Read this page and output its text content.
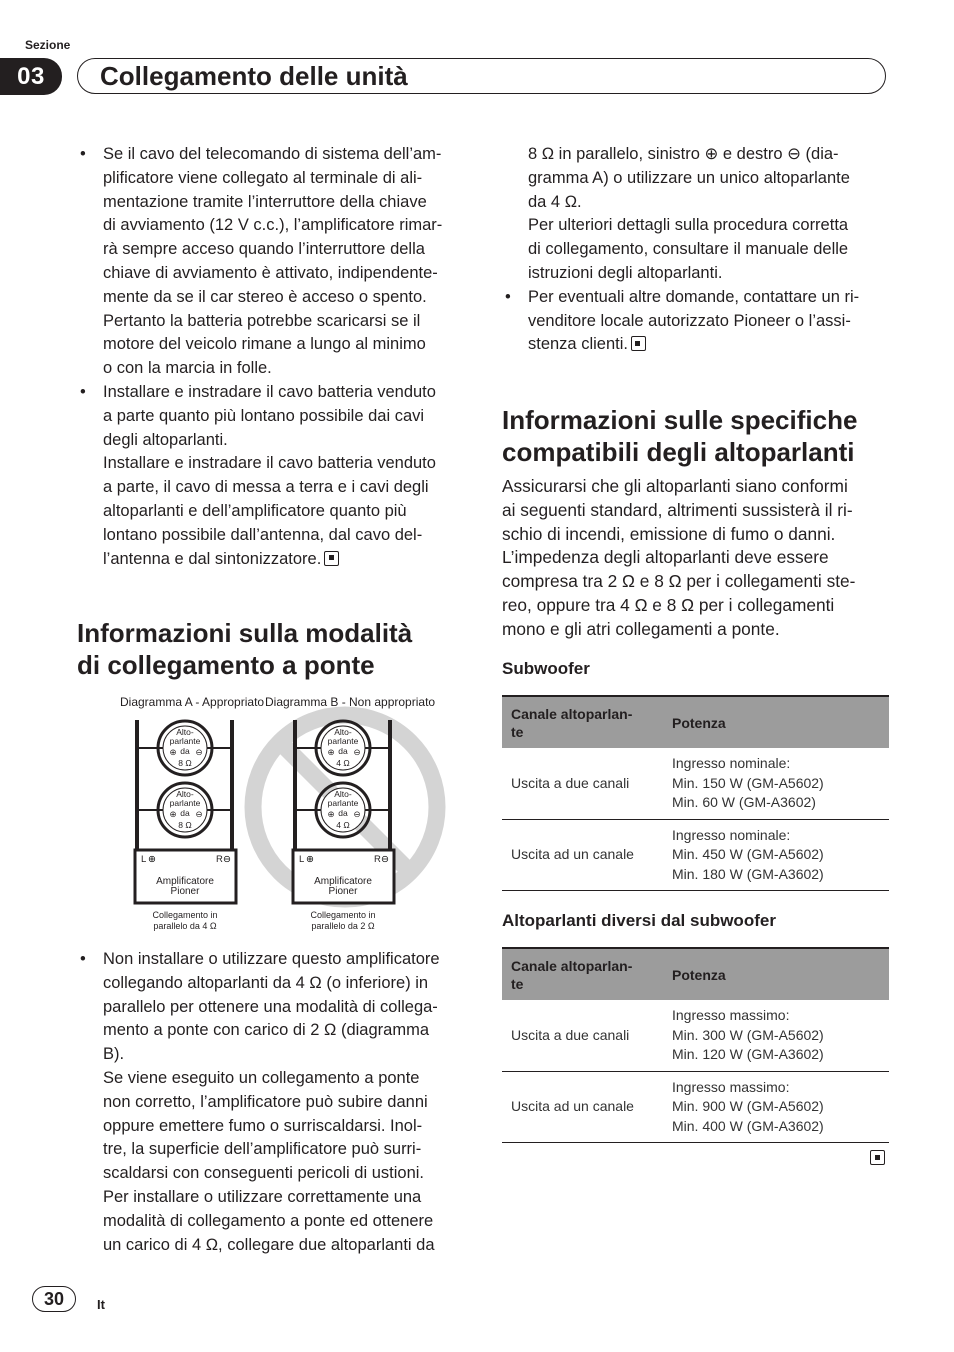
Sezione
03	Collegamento delle unità
• Se il cavo del telecomando di sistema dell’am-
plificatore viene collegato al terminale di ali-
mentazione tramite l’interruttore della chiave
di avviamento (12 V c.c.), l’amplificatore rimar-
rà sempre acceso quando l’interruttore della
chiave di avviamento è attivato, indipendente-
mente da se il car stereo è acceso o spento.
Pertanto la batteria potrebbe scaricarsi se il
motore del veicolo rimane a lungo al minimo
o con la marcia in folle.
• Installare e instradare il cavo batteria venduto
a parte quanto più lontano possibile dai cavi
degli altoparlanti.
Installare e instradare il cavo batteria venduto
a parte, il cavo di messa a terra e i cavi degli
altoparlanti e dell’amplificatore quanto più
lontano possibile dall’antenna, dal cavo del-
l’antenna e dal sintonizzatore.
Informazioni sulla modalità
di collegamento a ponte
Diagramma A - Appropriato Diagramma B - Non appropriato
Alto-
parlante
⊕ da ⊖
8 Ω
Alto-
parlante
⊕ da ⊖
8 Ω
L ⊕	R ⊖
Amplificatore
Pioner
Collegamento in
parallelo da 4 Ω
Alto-
parlante
⊕ da ⊖
4 Ω
Alto-
parlante
⊕ da ⊖
4 Ω
L ⊕	R ⊖
Amplificatore
Pioner
Collegamento in
parallelo da 2 Ω
• Non installare o utilizzare questo amplificatore
collegando altoparlanti da 4 Ω (o inferiore) in
parallelo per ottenere una modalità di collega-
mento a ponte con carico di 2 Ω (diagramma
B).
Se viene eseguito un collegamento a ponte
non corretto, l’amplificatore può subire danni
oppure emettere fumo o surriscaldarsi. Inol-
tre, la superficie dell’amplificatore può surri-
scaldarsi con conseguenti pericoli di ustioni.
Per installare o utilizzare correttamente una
modalità di collegamento a ponte ed ottenere
un carico di 4 Ω, collegare due altoparlanti da
8 Ω in parallelo, sinistro ⊕ e destro ⊖ (dia-
gramma A) o utilizzare un unico altoparlante
da 4 Ω.
Per ulteriori dettagli sulla procedura corretta
di collegamento, consultare il manuale delle
istruzioni degli altoparlanti.
• Per eventuali altre domande, contattare un ri-
venditore locale autorizzato Pioneer o l’assi-
stenza clienti.
Informazioni sulle specifiche
compatibili degli altoparlanti
Assicurarsi che gli altoparlanti siano conformi
ai seguenti standard, altrimenti sussisterà il ri-
schio di incendi, emissione di fumo o danni.
L’impedenza degli altoparlanti deve essere
compresa tra 2 Ω e 8 Ω per i collegamenti ste-
reo, oppure tra 4 Ω e 8 Ω per i collegamenti
mono e gli atri collegamenti a ponte.
Subwoofer
Canale altoparlan-
te	Potenza
Uscita a due canali	Ingresso nominale:
Min. 150 W (GM-A5602)
Min. 60 W (GM-A3602)

Uscita ad un canale	Ingresso nominale:
Min. 450 W (GM-A5602)
Min. 180 W (GM-A3602)
Altoparlanti diversi dal subwoofer
Canale altoparlan-
te	Potenza
Uscita a due canali	Ingresso massimo:
Min. 300 W (GM-A5602)
Min. 120 W (GM-A3602)

Uscita ad un canale	Ingresso massimo:
Min. 900 W (GM-A5602)
Min. 400 W (GM-A3602)
30	It
